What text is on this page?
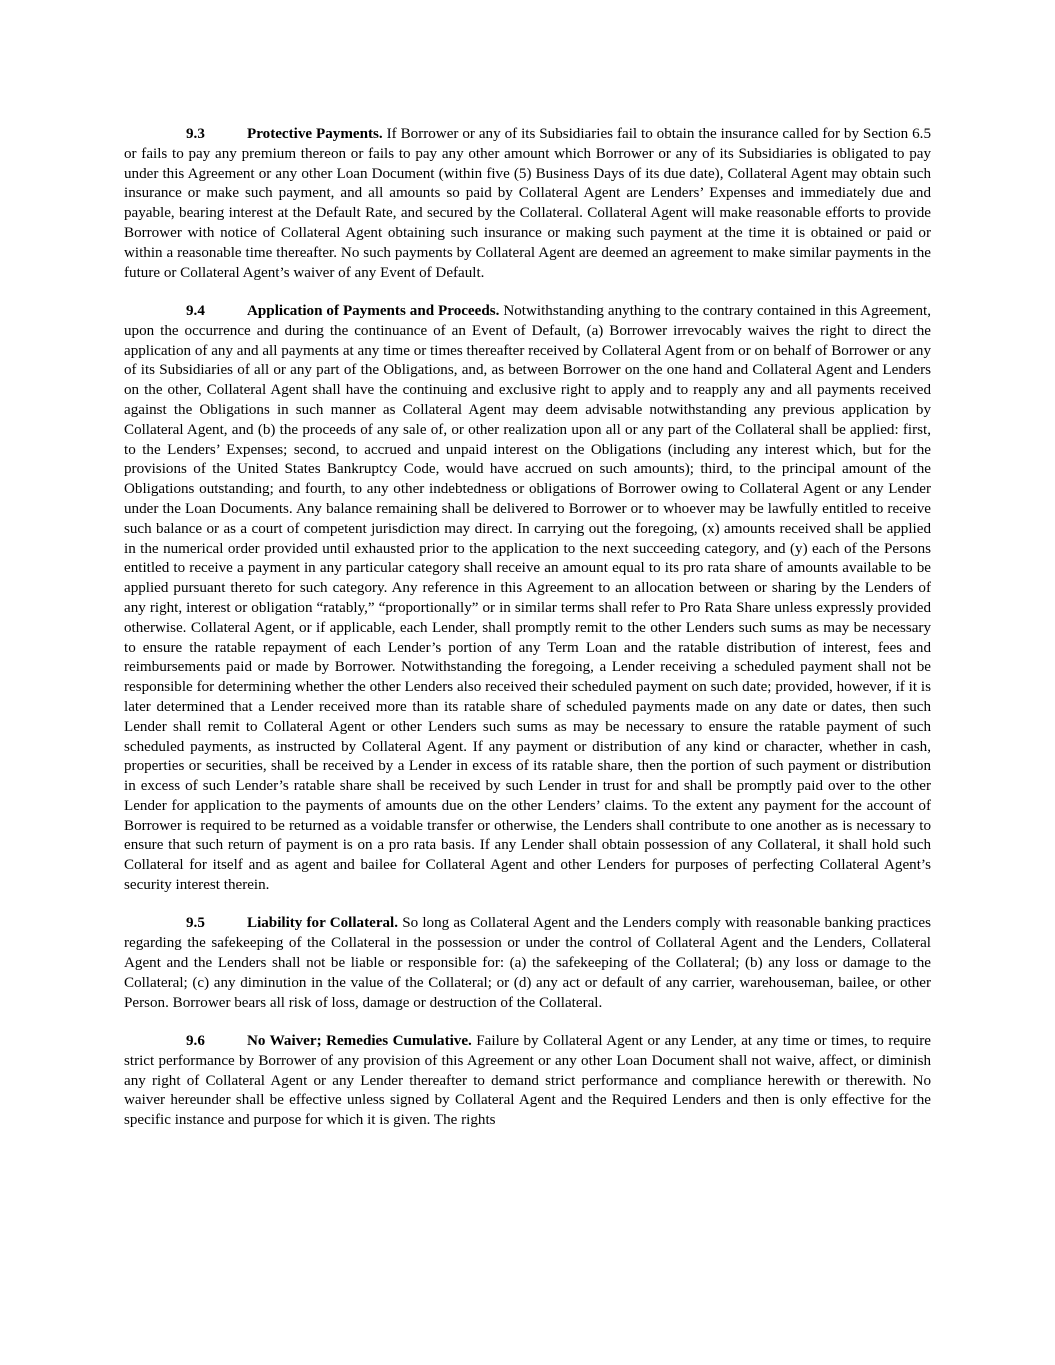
9.3	Protective Payments. If Borrower or any of its Subsidiaries fail to obtain the insurance called for by Section 6.5 or fails to pay any premium thereon or fails to pay any other amount which Borrower or any of its Subsidiaries is obligated to pay under this Agreement or any other Loan Document (within five (5) Business Days of its due date), Collateral Agent may obtain such insurance or make such payment, and all amounts so paid by Collateral Agent are Lenders’ Expenses and immediately due and payable, bearing interest at the Default Rate, and secured by the Collateral. Collateral Agent will make reasonable efforts to provide Borrower with notice of Collateral Agent obtaining such insurance or making such payment at the time it is obtained or paid or within a reasonable time thereafter. No such payments by Collateral Agent are deemed an agreement to make similar payments in the future or Collateral Agent’s waiver of any Event of Default.

9.4	Application of Payments and Proceeds. Notwithstanding anything to the contrary contained in this Agreement, upon the occurrence and during the continuance of an Event of Default, (a) Borrower irrevocably waives the right to direct the application of any and all payments at any time or times thereafter received by Collateral Agent from or on behalf of Borrower or any of its Subsidiaries of all or any part of the Obligations, and, as between Borrower on the one hand and Collateral Agent and Lenders on the other, Collateral Agent shall have the continuing and exclusive right to apply and to reapply any and all payments received against the Obligations in such manner as Collateral Agent may deem advisable notwithstanding any previous application by Collateral Agent, and (b) the proceeds of any sale of, or other realization upon all or any part of the Collateral shall be applied: first, to the Lenders’ Expenses; second, to accrued and unpaid interest on the Obligations (including any interest which, but for the provisions of the United States Bankruptcy Code, would have accrued on such amounts); third, to the principal amount of the Obligations outstanding; and fourth, to any other indebtedness or obligations of Borrower owing to Collateral Agent or any Lender under the Loan Documents. Any balance remaining shall be delivered to Borrower or to whoever may be lawfully entitled to receive such balance or as a court of competent jurisdiction may direct. In carrying out the foregoing, (x) amounts received shall be applied in the numerical order provided until exhausted prior to the application to the next succeeding category, and (y) each of the Persons entitled to receive a payment in any particular category shall receive an amount equal to its pro rata share of amounts available to be applied pursuant thereto for such category. Any reference in this Agreement to an allocation between or sharing by the Lenders of any right, interest or obligation “ratably,” “proportionally” or in similar terms shall refer to Pro Rata Share unless expressly provided otherwise. Collateral Agent, or if applicable, each Lender, shall promptly remit to the other Lenders such sums as may be necessary to ensure the ratable repayment of each Lender’s portion of any Term Loan and the ratable distribution of interest, fees and reimbursements paid or made by Borrower. Notwithstanding the foregoing, a Lender receiving a scheduled payment shall not be responsible for determining whether the other Lenders also received their scheduled payment on such date; provided, however, if it is later determined that a Lender received more than its ratable share of scheduled payments made on any date or dates, then such Lender shall remit to Collateral Agent or other Lenders such sums as may be necessary to ensure the ratable payment of such scheduled payments, as instructed by Collateral Agent. If any payment or distribution of any kind or character, whether in cash, properties or securities, shall be received by a Lender in excess of its ratable share, then the portion of such payment or distribution in excess of such Lender’s ratable share shall be received by such Lender in trust for and shall be promptly paid over to the other Lender for application to the payments of amounts due on the other Lenders’ claims. To the extent any payment for the account of Borrower is required to be returned as a voidable transfer or otherwise, the Lenders shall contribute to one another as is necessary to ensure that such return of payment is on a pro rata basis. If any Lender shall obtain possession of any Collateral, it shall hold such Collateral for itself and as agent and bailee for Collateral Agent and other Lenders for purposes of perfecting Collateral Agent’s security interest therein.

9.5	Liability for Collateral. So long as Collateral Agent and the Lenders comply with reasonable banking practices regarding the safekeeping of the Collateral in the possession or under the control of Collateral Agent and the Lenders, Collateral Agent and the Lenders shall not be liable or responsible for: (a) the safekeeping of the Collateral; (b) any loss or damage to the Collateral; (c) any diminution in the value of the Collateral; or (d) any act or default of any carrier, warehouseman, bailee, or other Person. Borrower bears all risk of loss, damage or destruction of the Collateral.

9.6	No Waiver; Remedies Cumulative. Failure by Collateral Agent or any Lender, at any time or times, to require strict performance by Borrower of any provision of this Agreement or any other Loan Document shall not waive, affect, or diminish any right of Collateral Agent or any Lender thereafter to demand strict performance and compliance herewith or therewith. No waiver hereunder shall be effective unless signed by Collateral Agent and the Required Lenders and then is only effective for the specific instance and purpose for which it is given. The rights
